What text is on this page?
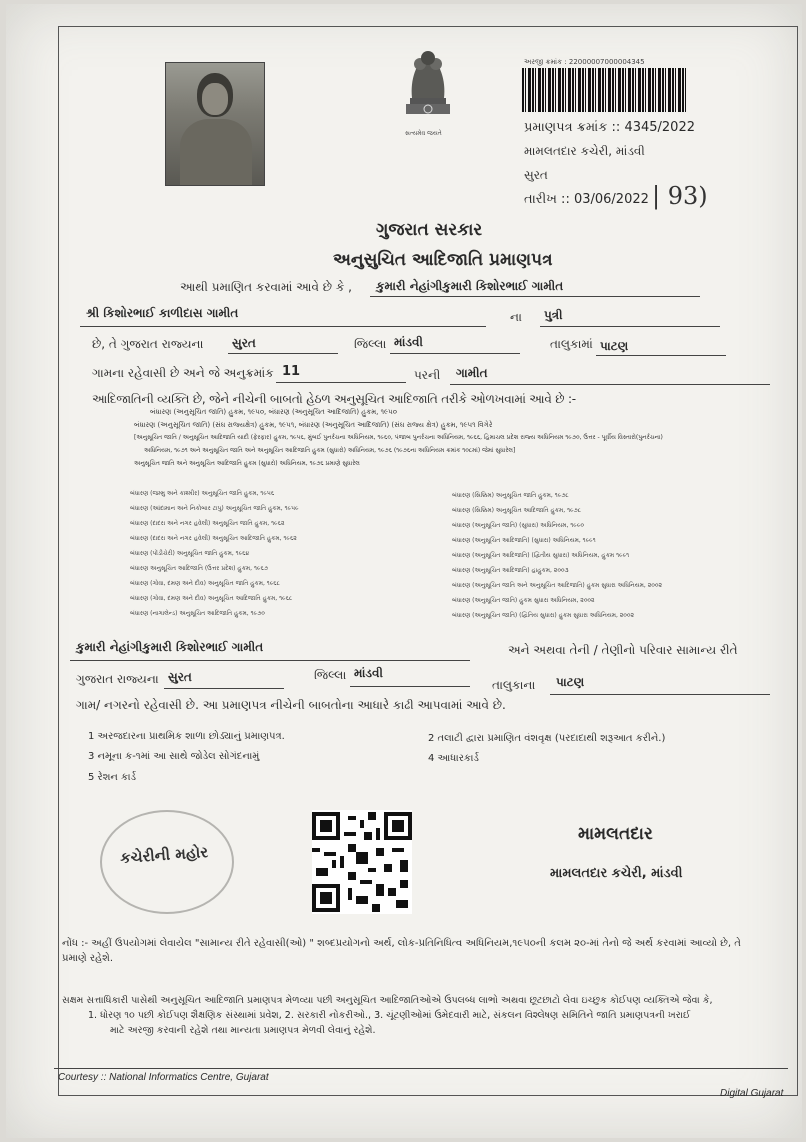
સત્યમેવ જયતે
અરજી ક્રમાંક : 22000007000004345
પ્રમાણપત્ર ક્રમાંક :: 4345/2022
મામલતદાર કચેરી, માંડવી
સુરત
તારીખ :: 03/06/2022 | 93)
ગુજરાત સરકાર
અનુસુચિત આદિજાતિ પ્રમાણપત્ર
આથી પ્રમાણિત કરવામાં આવે છે કે , કુમારી નેહાંગીકુમારી કિશોરભાઈ ગામીત
શ્રી કિશોરભાઈ કાળીદાસ ગામીત	ના પુત્રી
છે, તે ગુજરાત રાજ્યના સુરત	જિલ્લા માંડવી	તાલુકામાં પાટણ
ગામના રહેવાસી છે અને જે અનુક્રમાંક 11	પરની ગામીત
આદિજાતિની વ્યક્તિ છે, જેને નીચેની બાબતો હેઠળ અનુસૂચિત આદિજાતિ તરીકે ઓળખવામાં આવે છે :-
બંધારણ (અનુસૂચિત જાતિ) હુકમ, ૧૯૫૦, બંધારણ (અનુસૂચિત આદિજાતિ) હુકમ, ૧૯૫૦
બંધારણ (અનુસૂચિત જાતિ) (સંઘ રાજ્યક્ષેત્ર) હુકમ, ૧૯૫૧, બંધારણ (અનુસૂચિત આદિજાતિ) (સંઘ રાજ્ય ક્ષેત્ર) હુકમ, ૧૯૫૧ વિગેરે
[અનુસૂચિત જાતિ / અનુસૂચિત આદિજાતિ યાદી (ફેરફાર) હુકમ, ૧૯૫૬, મુંબઈ પુનર્રચના અધિનિયમ, ૧૯૬૦, પંજાબ પુનર્રચના અધિનિયમ, ૧૯૬૬, હિમાચલ પ્રદેશ રાજ્ય અધિનિયમ ૧૯૭૦, ઉત્તર - પૂર્વીય વિસ્તારો(પુનર્રચના)
અધિનિયમ, ૧૯૭૧ અને અનુસૂચિત જાતિ અને અનુસૂચિત આદિજાતિ હુકમ (સુધારો) અધિનિયમ, ૧૯૭૬ (૧૯૭૬ના અધિનિયમ ક્રમાંક ૧૦૮માં) જેમાં સુધારેલ]
અનુસૂચિત જાતિ અને અનુસૂચિત આદિજાતિ હુકમ (સુધારો) અધિનિયમ, ૧૯૭૬ પ્રમાણે સુધારેલ
બંધારણ (જમ્મુ અને કાશ્મીર) અનુસૂચિત જાતિ હુકમ, ૧૯૫૬
બંધારણ (આંદામાન અને નિકોબાર ટાપુ) અનુસૂચિત જાતિ હુકમ, ૧૯૫૯
બંધારણ (દાદરા અને નગર હવેલી) અનુસૂચિત જાતિ હુકમ, ૧૯૬૨
બંધારણ (દાદરા અને નગર હવેલી) અનુસૂચિત આદિજાતિ હુકમ, ૧૯૬૨
બંધારણ (પોંડીચેરી) અનુસૂચિત જાતિ હુકમ, ૧૯૬૪
બંધારણ અનુસૂચિત આદિજાતિ (ઉત્તર પ્રદેશ) હુકમ, ૧૯૬૭
બંધારણ (ગોવા, દમણ અને દીવ) અનુસૂચિત જાતિ હુકમ, ૧૯૬૮
બંધારણ (ગોવા, દમણ અને દીવ) અનુસૂચિત આદિજાતિ હુકમ, ૧૯૬૮
બંધારણ (નાગાલેન્ડ) અનુસૂચિત આદિજાતિ હુકમ, ૧૯૭૦
બંધારણ (સિક્કિમ) અનુસૂચિત જાતિ હુકમ, ૧૯૭૮
બંધારણ (સિક્કિમ) અનુસૂચિત આદિજાતિ હુકમ, ૧૯૭૮
બંધારણ (અનુસૂચિત જાતિ) (સુધારા) અધિનિયમ, ૧૯૯૦
બંધારણ (અનુસૂચિત આદિજાતિ) (સુધારા) અધિનિયમ, ૧૯૯૧
બંધારણ (અનુસૂચિત આદિજાતિ) (દ્વિતીય સુધારા) અધિનિયમ, હુકમ ૧૯૯૧
બંધારણ (અનુસૂચિત આદિજાતિ) હાહુકમ, ૨૦૦૩
બંધારણ (અનુસૂચિત જાતિ અને અનુસૂચિત આદિજાતિ) હુકમ સુધારા અધિનિયમ, ૨૦૦૨
બંધારણ (અનુસૂચિત જાતિ) હુકમ સુધારા અધિનિયમ, ૨૦૦૨
બંધારણ (અનુસૂચિત જાતિ) (દ્વિતિય સુધારા) હુકમ સુધારા અધિનિયમ, ૨૦૦૨
કુમારી નેહાંગીકુમારી કિશોરભાઈ ગામીત	અને અથવા તેની / તેણીનો પરિવાર સામાન્ય રીતે
ગુજરાત રાજ્યના સુરત	જિલ્લા માંડવી
તાલુકાના પાટણ
ગામ/ નગરનો રહેવાસી છે. આ પ્રમાણપત્ર નીચેની બાબતોના આધારે કાઢી આપવામાં આવે છે.
1 અરજદારના પ્રાથમિક શાળા છોડ્યાનું પ્રમાણપત્ર.	2 તલાટી દ્વારા પ્રમાણિત વંશવૃક્ષ (પરદાદાથી શરૂઆત કરીને.)
3 નમૂના ક-૧માં આ સાથે જોડેલ સોગંદનામું	4 આધારકાર્ડ
5 રેશન કાર્ડ
કચેરીની મહોર
મામલતદાર
મામલતદાર કચેરી, માંડવી
નોંધ :- અહીં ઉપયોગમાં લેવાયેલ "સામાન્ય રીતે રહેવાસી(ઓ) " શબ્દપ્રયોગનો અર્થ, લોક-પ્રતિનિધિત્વ અધિનિયમ,૧૯૫૦ની કલમ ૨૦-માં તેનો જે અર્થ કરવામાં આવ્યો છે, તે
પ્રમાણે રહેશે.
સક્ષમ સત્તાધિકારી પાસેથી અનુસૂચિત આદિજાતિ પ્રમાણપત્ર મેળવ્યા પછી અનુસૂચિત આદિજાતિઓએ ઉપલબ્ધ લાભો અથવા છૂટછાટો લેવા ઇચ્છુક કોઈપણ વ્યક્તિએ જેવા કે,
1. ધોરણ ૧૦ પછી કોઈપણ શૈક્ષણિક સંસ્થામાં પ્રવેશ, 2. સરકારી નોકરીઓ., 3. ચૂંટણીઓમાં ઉમેદવારી માટે, સંકલન વિશ્લેષણ સમિતિને જાતિ પ્રમાણપત્રની ખરાઈ
માટે અરજી કરવાની રહેશે તથા માન્યતા પ્રમાણપત્ર મેળવી લેવાનું રહેશે.
Courtesy :: National Informatics Centre, Gujarat
Digital Gujarat
